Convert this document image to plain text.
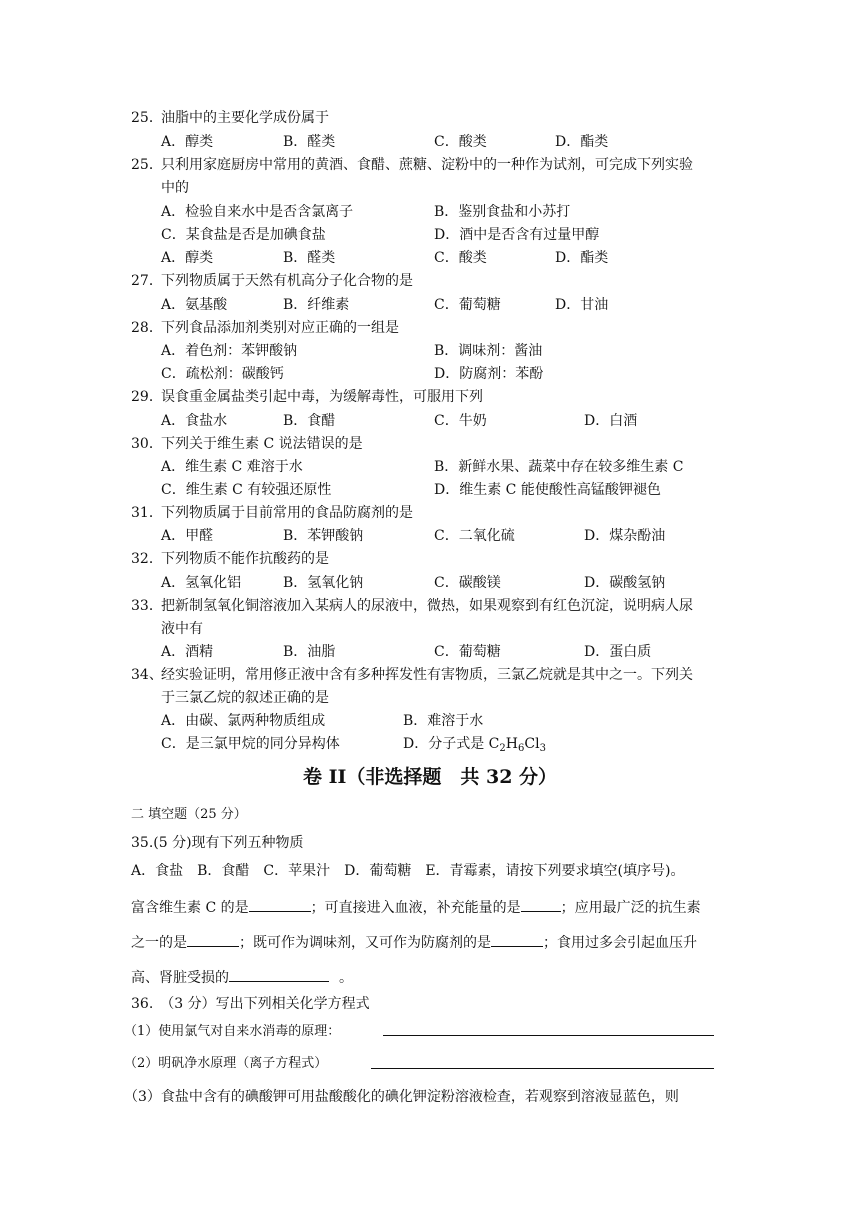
25．
油脂中的主要化学成份属于
A．醇类	B．醛类	C．酸类	D．酯类
25．
只利用家庭厨房中常用的黄酒、食醋、蔗糖、淀粉中的一种作为试剂，可完成下列实验
中的
A．检验自来水中是否含氯离子	B．鉴别食盐和小苏打
C．某食盐是否是加碘食盐	D．酒中是否含有过量甲醇
A．醇类	B．醛类	C．酸类	D．酯类
27．
下列物质属于天然有机高分子化合物的是
A．氨基酸	B．纤维素	C．葡萄糖	D．甘油
28．
下列食品添加剂类别对应正确的一组是
A．着色剂：苯钾酸钠	B．调味剂：酱油
C．疏松剂：碳酸钙	D．防腐剂：苯酚
29．
误食重金属盐类引起中毒，为缓解毒性，可服用下列
A．食盐水	B．食醋	C．牛奶	D．白酒
30．
下列关于维生素 C 说法错误的是
A．维生素 C 难溶于水	B．新鲜水果、蔬菜中存在较多维生素 C
C．维生素 C 有较强还原性	D．维生素 C 能使酸性高锰酸钾褪色
31．
下列物质属于目前常用的食品防腐剂的是
A．甲醛	B．苯钾酸钠	C．二氧化硫	D．煤杂酚油
32．
下列物质不能作抗酸药的是
A．氢氧化铝	B．氢氧化钠	C．碳酸镁	D．碳酸氢钠
33．
把新制氢氧化铜溶液加入某病人的尿液中，微热，如果观察到有红色沉淀，说明病人尿
液中有
A．酒精	B．油脂	C．葡萄糖	D．蛋白质
34、
经实验证明，常用修正液中含有多种挥发性有害物质，三氯乙烷就是其中之一。下列关
于三氯乙烷的叙述正确的是
A．由碳、氯两种物质组成	B．难溶于水
C．是三氯甲烷的同分异构体	D．分子式是 $C_2H_6Cl_3$
卷 II（非选择题　共 32 分）
二 填空题（25 分）
35.(5 分)现有下列五种物质
A．食盐　B．食醋　C．苹果汁　D．葡萄糖　E．青霉素，请按下列要求填空(填序号)。
富含维生素 C 的是	；可直接进入血液，补充能量的是	；应用最广泛的抗生素
之一的是	；既可作为调味剂，又可作为防腐剂的是	；食用过多会引起血压升
高、肾脏受损的	。
36.　（3 分）写出下列相关化学方程式
（1）使用氯气对自来水消毒的原理：
（2）明矾净水原理（离子方程式）
（3）食盐中含有的碘酸钾可用盐酸酸化的碘化钾淀粉溶液检查，若观察到溶液显蓝色，则
